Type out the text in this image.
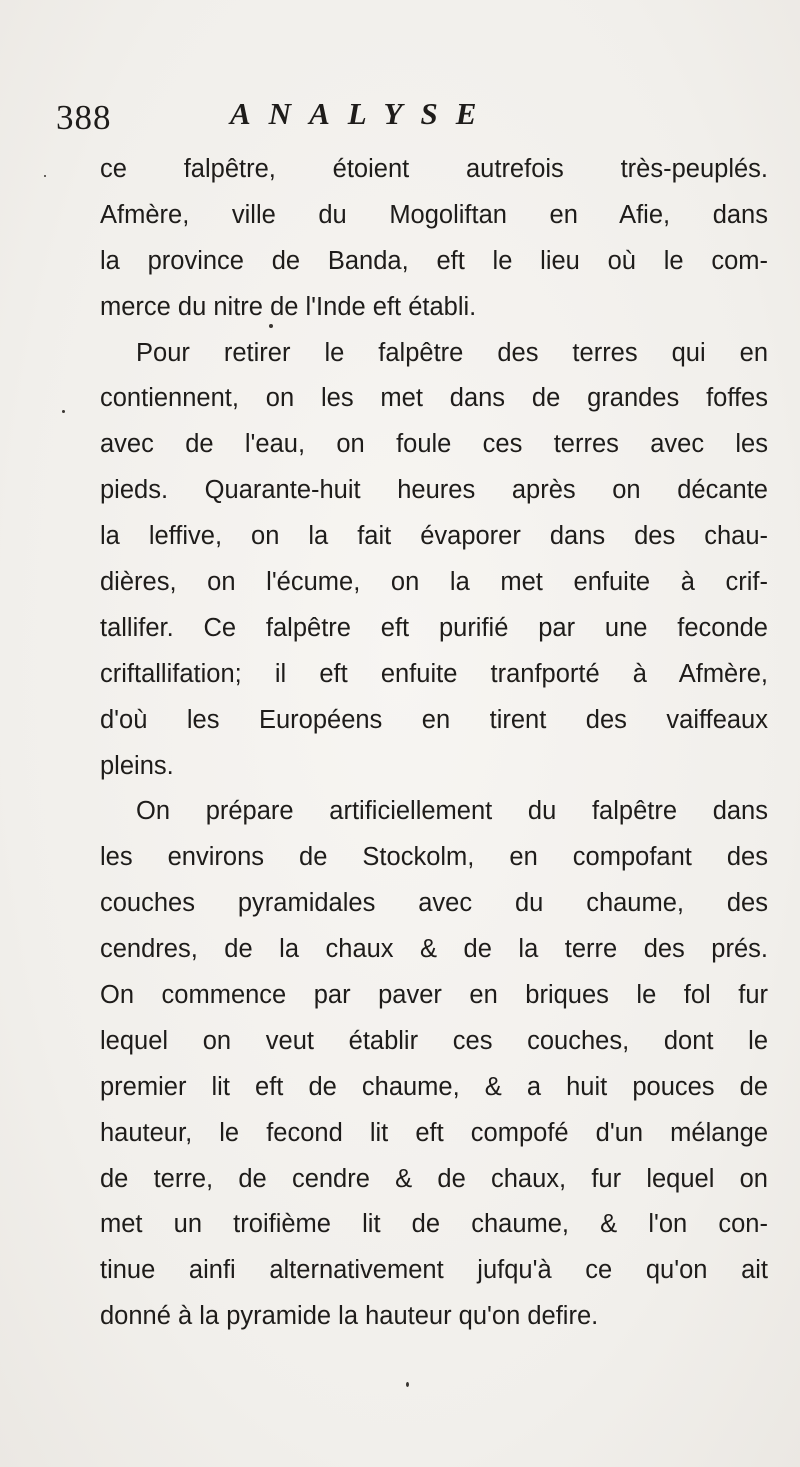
388	ANALYSE
ce falpêtre, étoient autrefois très-peuplés.
Afmère, ville du Mogoliftan en Afie, dans
la province de Banda, eft le lieu où le com-
merce du nitre de l'Inde eft établi.
Pour retirer le falpêtre des terres qui en
contiennent, on les met dans de grandes foffes
avec de l'eau, on foule ces terres avec les
pieds. Quarante-huit heures après on décante
la leffive, on la fait évaporer dans des chau-
dières, on l'écume, on la met enfuite à crif-
tallifer. Ce falpêtre eft purifié par une feconde
criftallifation; il eft enfuite tranfporté à Afmère,
d'où les Européens en tirent des vaiffeaux
pleins.
On prépare artificiellement du falpêtre dans
les environs de Stockolm, en compofant des
couches pyramidales avec du chaume, des
cendres, de la chaux & de la terre des prés.
On commence par paver en briques le fol fur
lequel on veut établir ces couches, dont le
premier lit eft de chaume, & a huit pouces de
hauteur, le fecond lit eft compofé d'un mélange
de terre, de cendre & de chaux, fur lequel on
met un troifième lit de chaume, & l'on con-
tinue ainfi alternativement jufqu'à ce qu'on ait
donné à la pyramide la hauteur qu'on defire.
